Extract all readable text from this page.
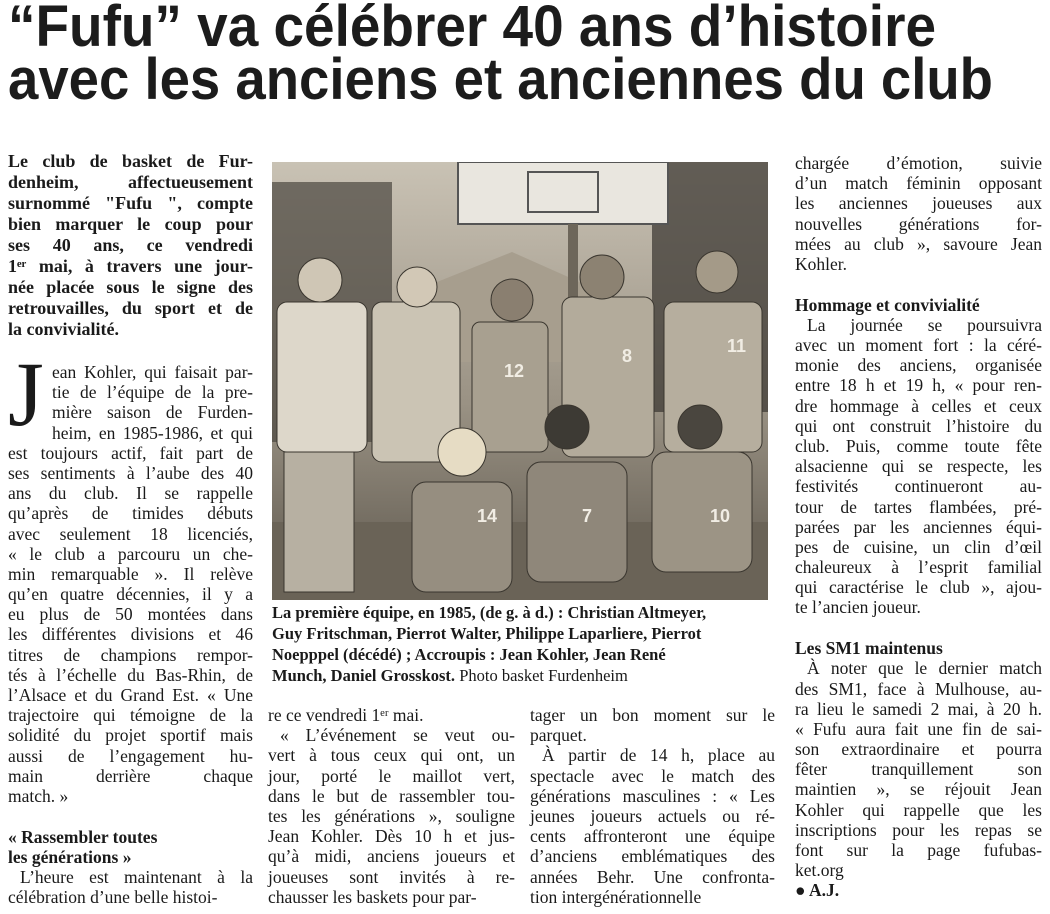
“Fufu” va célébrer 40 ans d’histoire
avec les anciens et anciennes du club
Le club de basket de Fur-
denheim, affectueusement
surnommé "Fufu ", compte
bien marquer le coup pour
ses 40 ans, ce vendredi
1ᵉʳ mai, à travers une jour-
née placée sous le signe des
retrouvailles, du sport et de
la convivialité.
J ean Kohler, qui faisait par-
tie de l’équipe de la pre-
mière saison de Furden-
heim, en 1985-1986, et qui
est toujours actif, fait part de
ses sentiments à l’aube des 40
ans du club. Il se rappelle
qu’après de timides débuts
avec seulement 18 licenciés,
« le club a parcouru un che-
min remarquable ». Il relève
qu’en quatre décennies, il y a
eu plus de 50 montées dans
les différentes divisions et 46
titres de champions rempor-
tés à l’échelle du Bas-Rhin, de
l’Alsace et du Grand Est. « Une
trajectoire qui témoigne de la
solidité du projet sportif mais
aussi de l’engagement hu-
main derrière chaque
match. »
« Rassembler toutes
les générations »
L’heure est maintenant à la
célébration d’une belle histoi-
re ce vendredi 1ᵉʳ mai.
« L’événement se veut ou-
vert à tous ceux qui ont, un
jour, porté le maillot vert,
dans le but de rassembler tou-
tes les générations », souligne
Jean Kohler. Dès 10 h et jus-
qu’à midi, anciens joueurs et
joueuses sont invités à re-
chausser les baskets pour par-
tager un bon moment sur le
parquet.
À partir de 14 h, place au
spectacle avec le match des
générations masculines : « Les
jeunes joueurs actuels ou ré-
cents affronteront une équipe
d’anciens emblématiques des
années Behr. Une confronta-
tion intergénérationnelle
chargée d’émotion, suivie
d’un match féminin opposant
les anciennes joueuses aux
nouvelles générations for-
mées au club », savoure Jean
Kohler.
Hommage et convivialité
La journée se poursuivra
avec un moment fort : la céré-
monie des anciens, organisée
entre 18 h et 19 h, « pour ren-
dre hommage à celles et ceux
qui ont construit l’histoire du
club. Puis, comme toute fête
alsacienne qui se respecte, les
festivités continueront au-
tour de tartes flambées, pré-
parées par les anciennes équi-
pes de cuisine, un clin d’œil
chaleureux à l’esprit familial
qui caractérise le club », ajou-
te l’ancien joueur.
Les SM1 maintenus
À noter que le dernier match
des SM1, face à Mulhouse, au-
ra lieu le samedi 2 mai, à 20 h.
« Fufu aura fait une fin de sai-
son extraordinaire et pourra
fêter tranquillement son
maintien », se réjouit Jean
Kohler qui rappelle que les
inscriptions pour les repas se
font sur la page fufubas-
ket.org
● A.J.
12
8	11
14	7	10
La première équipe, en 1985, (de g. à d.) : Christian Altmeyer,
Guy Fritschman, Pierrot Walter, Philippe Laparliere, Pierrot
Noepppel (décédé) ; Accroupis : Jean Kohler, Jean René
Munch, Daniel Grosskost. Photo basket Furdenheim
